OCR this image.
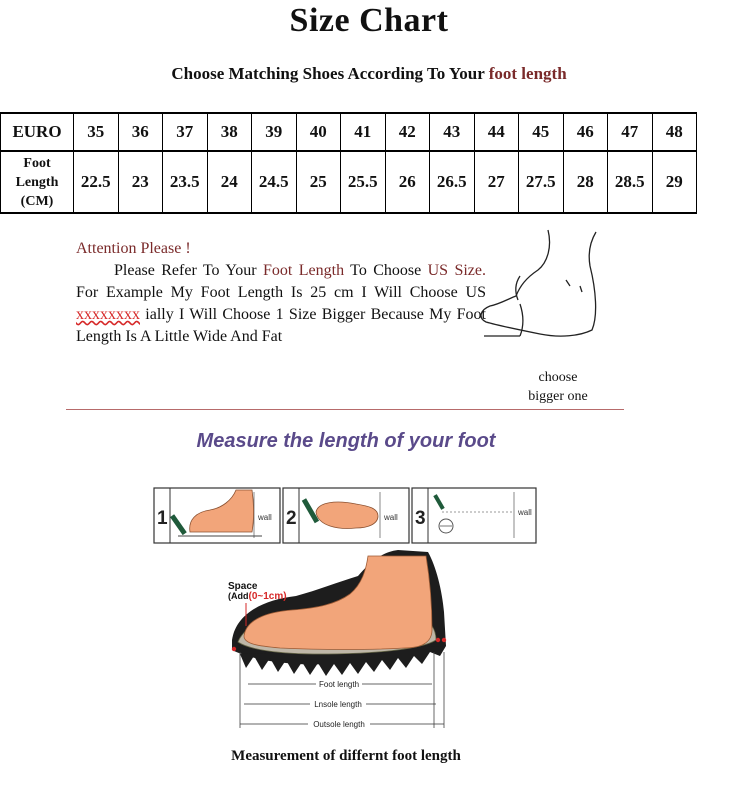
Size Chart
Choose Matching Shoes According To Your foot length
EURO	35	36	37	38	39	40	41	42	43	44	45	46	47	48

Foot
Length
(CM)	22.5	23	23.5	24	24.5	25	25.5	26	26.5	27	27.5	28	28.5	29

Attention Please !

Please Refer To Your Foot Length To Choose US Size. For Example My Foot Length Is 25 cm I Will Choose US xxxxxxxx ially I Will Choose 1 Size Bigger Because My Foot Length Is A Little Wide And Fat

choose
bigger one
Measure the length of your foot
1	wall 2	wall 3	wall
Space
(Add(0~1cm)
Foot length
Lnsole length
Outsole length
Measurement of differnt foot length
